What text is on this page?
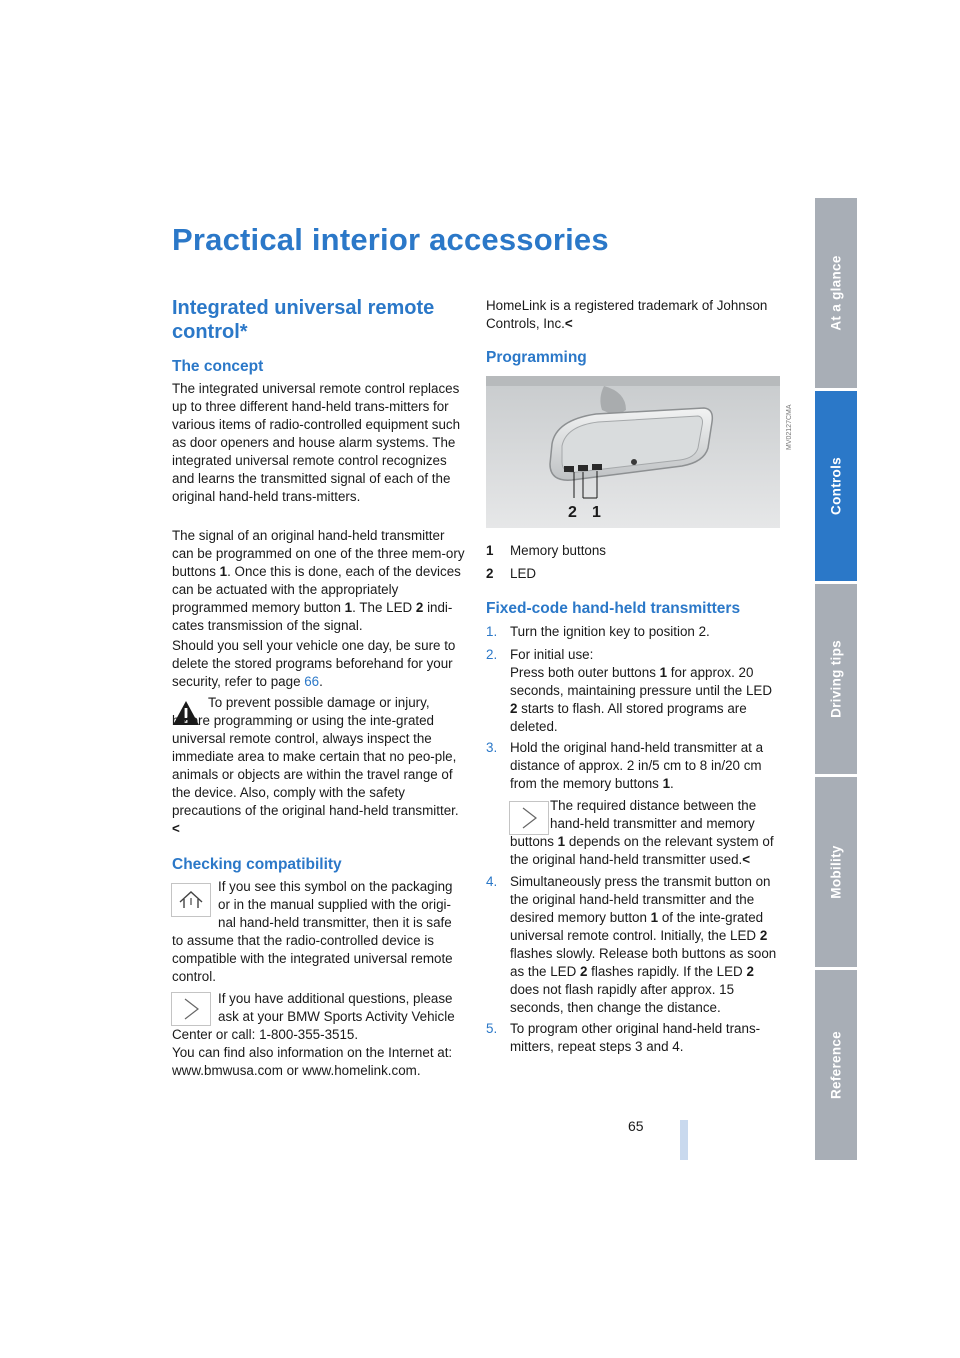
Practical interior accessories
At a glance
Controls
Driving tips
Mobility
Reference

Integrated universal remote
control*

The concept

The integrated universal remote control replaces up to three different hand-held trans-mitters for various items of radio-controlled equipment such as door openers and house alarm systems. The integrated universal remote control recognizes and learns the transmitted signal of each of the original hand-held trans-mitters.

The signal of an original hand-held transmitter can be programmed on one of the three mem-ory buttons 1. Once this is done, each of the devices can be actuated with the appropriately programmed memory button 1. The LED 2 indi-cates transmission of the signal.

Should you sell your vehicle one day, be sure to delete the stored programs beforehand for your security, refer to page 66.

To prevent possible damage or injury, before programming or using the inte-grated universal remote control, always inspect the immediate area to make certain that no peo-ple, animals or objects are within the travel range of the device. Also, comply with the safety precautions of the original hand-held transmitter.<

Checking compatibility

If you see this symbol on the packaging or in the manual supplied with the origi-nal hand-held transmitter, then it is safe to assume that the radio-controlled device is compatible with the integrated universal remote control.

If you have additional questions, please ask at your BMW Sports Activity Vehicle Center or call: 1-800-355-3515.

You can find also information on the Internet at: www.bmwusa.com or www.homelink.com.

HomeLink is a registered trademark of Johnson Controls, Inc.<

Programming

2 1
MV02127CMA
1 Memory buttons
2 LED

Fixed-code hand-held transmitters

1. Turn the ignition key to position 2.
2. For initial use:
Press both outer buttons 1 for approx. 20 seconds, maintaining pressure until the LED 2 starts to flash. All stored programs are deleted.
3. Hold the original hand-held transmitter at a distance of approx. 2 in/5 cm to 8 in/20 cm from the memory buttons 1.

The required distance between the hand-held transmitter and memory buttons 1 depends on the relevant system of the original hand-held transmitter used.<

4. Simultaneously press the transmit button on the original hand-held transmitter and the desired memory button 1 of the inte-grated universal remote control. Initially, the LED 2 flashes slowly. Release both buttons as soon as the LED 2 flashes rapidly. If the LED 2 does not flash rapidly after approx. 15 seconds, then change the distance.
5. To program other original hand-held trans-mitters, repeat steps 3 and 4.
65
